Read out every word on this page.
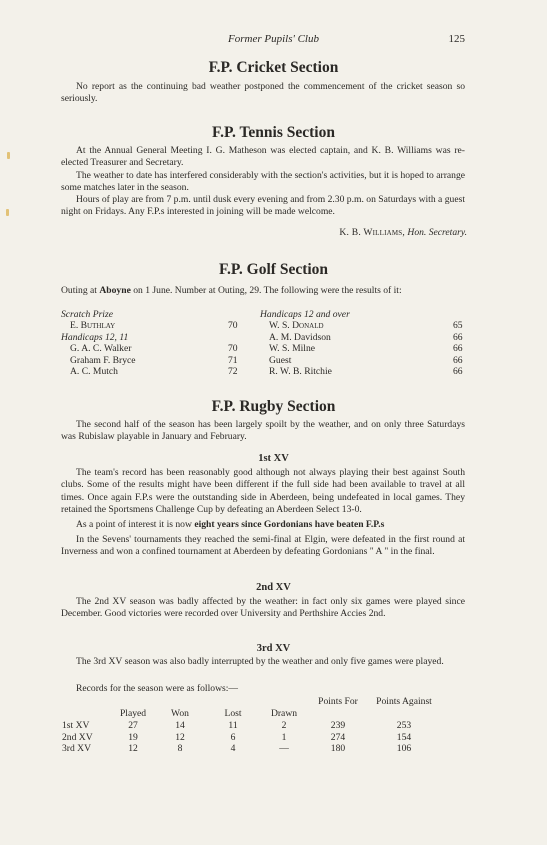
Former Pupils' Club	125
F.P. Cricket Section

No report as the continuing bad weather postponed the commencement of the cricket season so seriously.

F.P. Tennis Section

At the Annual General Meeting I. G. Matheson was elected captain, and K. B. Williams was re-elected Treasurer and Secretary.

The weather to date has interfered considerably with the section's activities, but it is hoped to arrange some matches later in the season.

Hours of play are from 7 p.m. until dusk every evening and from 2.30 p.m. on Saturdays with a guest night on Fridays. Any F.P.s interested in joining will be made welcome.

K. B. Williams, Hon. Secretary.
F.P. Golf Section

Outing at Aboyne on 1 June. Number at Outing, 29. The following were the results of it:

Scratch Prize	Handicaps 12 and over
E. Buthlay	70	W. S. Donald	65
Handicaps 12, 11	A. M. Davidson	66
G. A. C. Walker	70	W. S. Milne	66
Graham F. Bryce	71	Guest	66
A. C. Mutch	72	R. W. B. Ritchie	66
F.P. Rugby Section

The second half of the season has been largely spoilt by the weather, and on only three Saturdays was Rubislaw playable in January and February.

1st XV

The team's record has been reasonably good although not always playing their best against South clubs. Some of the results might have been different if the full side had been available to travel at all times. Once again F.P.s were the outstanding side in Aberdeen, being undefeated in local games. They retained the Sportsmens Challenge Cup by defeating an Aberdeen Select 13-0.

As a point of interest it is now eight years since Gordonians have beaten F.P.s

In the Sevens' tournaments they reached the semi-final at Elgin, were defeated in the first round at Inverness and won a confined tournament at Aberdeen by defeating Gordonians " A " in the final.

2nd XV

The 2nd XV season was badly affected by the weather: in fact only six games were played since December. Good victories were recorded over University and Perthshire Accies 2nd.

3rd XV

The 3rd XV season was also badly interrupted by the weather and only five games were played.

Records for the season were as follows:—

Played	Won	Lost	Drawn
Points For	Points Against
1st XV	27	14	11	2	239	253
2nd XV	19	12	6	1	274	154
3rd XV	12	8	4	—	180	106
